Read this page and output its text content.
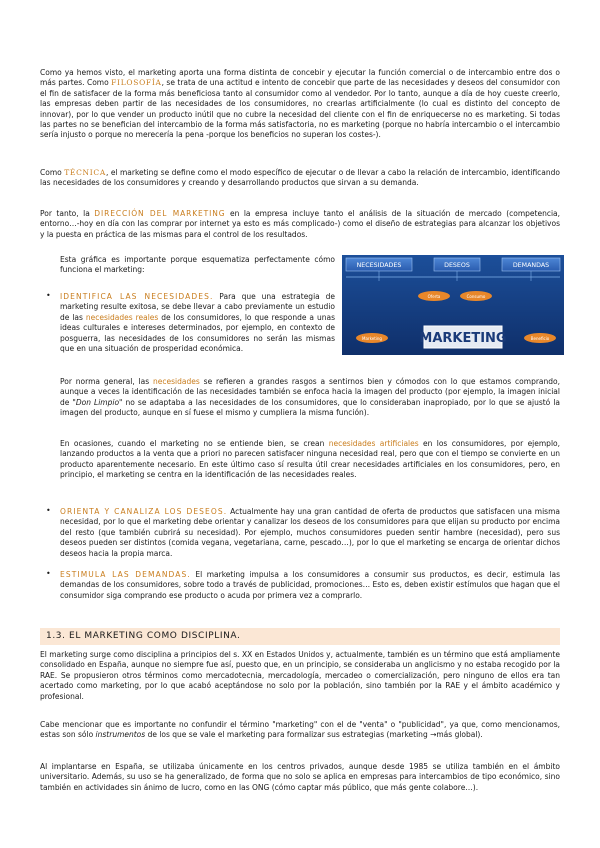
Como ya hemos visto, el marketing aporta una forma distinta de concebir y ejecutar la función comercial o de intercambio entre dos o más partes. Como FILOSOFÍA, se trata de una actitud e intento de concebir que parte de las necesidades y deseos del consumidor con el fin de satisfacer de la forma más beneficiosa tanto al consumidor como al vendedor. Por lo tanto, aunque a día de hoy cueste creerlo, las empresas deben partir de las necesidades de los consumidores, no crearlas artificialmente (lo cual es distinto del concepto de innovar), por lo que vender un producto inútil que no cubre la necesidad del cliente con el fin de enriquecerse no es marketing. Si todas las partes no se benefician del intercambio de la forma más satisfactoria, no es marketing (porque no habría intercambio o el intercambio sería injusto o porque no merecería la pena -porque los beneficios no superan los costes-).

Como TÉCNICA, el marketing se define como el modo específico de ejecutar o de llevar a cabo la relación de intercambio, identificando las necesidades de los consumidores y creando y desarrollando productos que sirvan a su demanda.

Por tanto, la DIRECCIÓN DEL MARKETING en la empresa incluye tanto el análisis de la situación de mercado (competencia, entorno…-hoy en día con las comprar por internet ya esto es más complicado-) como el diseño de estrategias para alcanzar los objetivos y la puesta en práctica de las mismas para el control de los resultados.

Esta gráfica es importante porque esquematiza perfectamente cómo funciona el marketing:

• IDENTIFICA LAS NECESIDADES. Para que una estrategia de marketing resulte exitosa, se debe llevar a cabo previamente un estudio de las necesidades reales de los consumidores, lo que responde a unas ideas culturales e intereses determinados, por ejemplo, en contexto de posguerra, las necesidades de los consumidores no serán las mismas que en una situación de prosperidad económica.

NECESIDADES	DESEOS	DEMANDAS
Oferta	Consumo
Marketing	Beneficio
MARKETING

Por norma general, las necesidades se refieren a grandes rasgos a sentirnos bien y cómodos con lo que estamos comprando, aunque a veces la identificación de las necesidades también se enfoca hacia la imagen del producto (por ejemplo, la imagen inicial de "Don Limpio" no se adaptaba a las necesidades de los consumidores, que lo consideraban inapropiado, por lo que se ajustó la imagen del producto, aunque en sí fuese el mismo y cumpliera la misma función).

En ocasiones, cuando el marketing no se entiende bien, se crean necesidades artificiales en los consumidores, por ejemplo, lanzando productos a la venta que a priori no parecen satisfacer ninguna necesidad real, pero que con el tiempo se convierte en un producto aparentemente necesario. En este último caso sí resulta útil crear necesidades artificiales en los consumidores, pero, en principio, el marketing se centra en la identificación de las necesidades reales.

• ORIENTA Y CANALIZA LOS DESEOS. Actualmente hay una gran cantidad de oferta de productos que satisfacen una misma necesidad, por lo que el marketing debe orientar y canalizar los deseos de los consumidores para que elijan su producto por encima del resto (que también cubrirá su necesidad). Por ejemplo, muchos consumidores pueden sentir hambre (necesidad), pero sus deseos pueden ser distintos (comida vegana, vegetariana, carne, pescado…), por lo que el marketing se encarga de orientar dichos deseos hacia la propia marca.

• ESTIMULA LAS DEMANDAS. El marketing impulsa a los consumidores a consumir sus productos, es decir, estimula las demandas de los consumidores, sobre todo a través de publicidad, promociones… Esto es, deben existir estímulos que hagan que el consumidor siga comprando ese producto o acuda por primera vez a comprarlo.

1.3. EL MARKETING COMO DISCIPLINA.

El marketing surge como disciplina a principios del s. XX en Estados Unidos y, actualmente, también es un término que está ampliamente consolidado en España, aunque no siempre fue así, puesto que, en un principio, se consideraba un anglicismo y no estaba recogido por la RAE. Se propusieron otros términos como mercadotecnia, mercadología, mercadeo o comercialización, pero ninguno de ellos era tan acertado como marketing, por lo que acabó aceptándose no solo por la población, sino también por la RAE y el ámbito académico y profesional.

Cabe mencionar que es importante no confundir el término "marketing" con el de "venta" o "publicidad", ya que, como mencionamos, estas son sólo instrumentos de los que se vale el marketing para formalizar sus estrategias (marketing →más global).

Al implantarse en España, se utilizaba únicamente en los centros privados, aunque desde 1985 se utiliza también en el ámbito universitario. Además, su uso se ha generalizado, de forma que no solo se aplica en empresas para intercambios de tipo económico, sino también en actividades sin ánimo de lucro, como en las ONG (cómo captar más público, que más gente colabore…).
